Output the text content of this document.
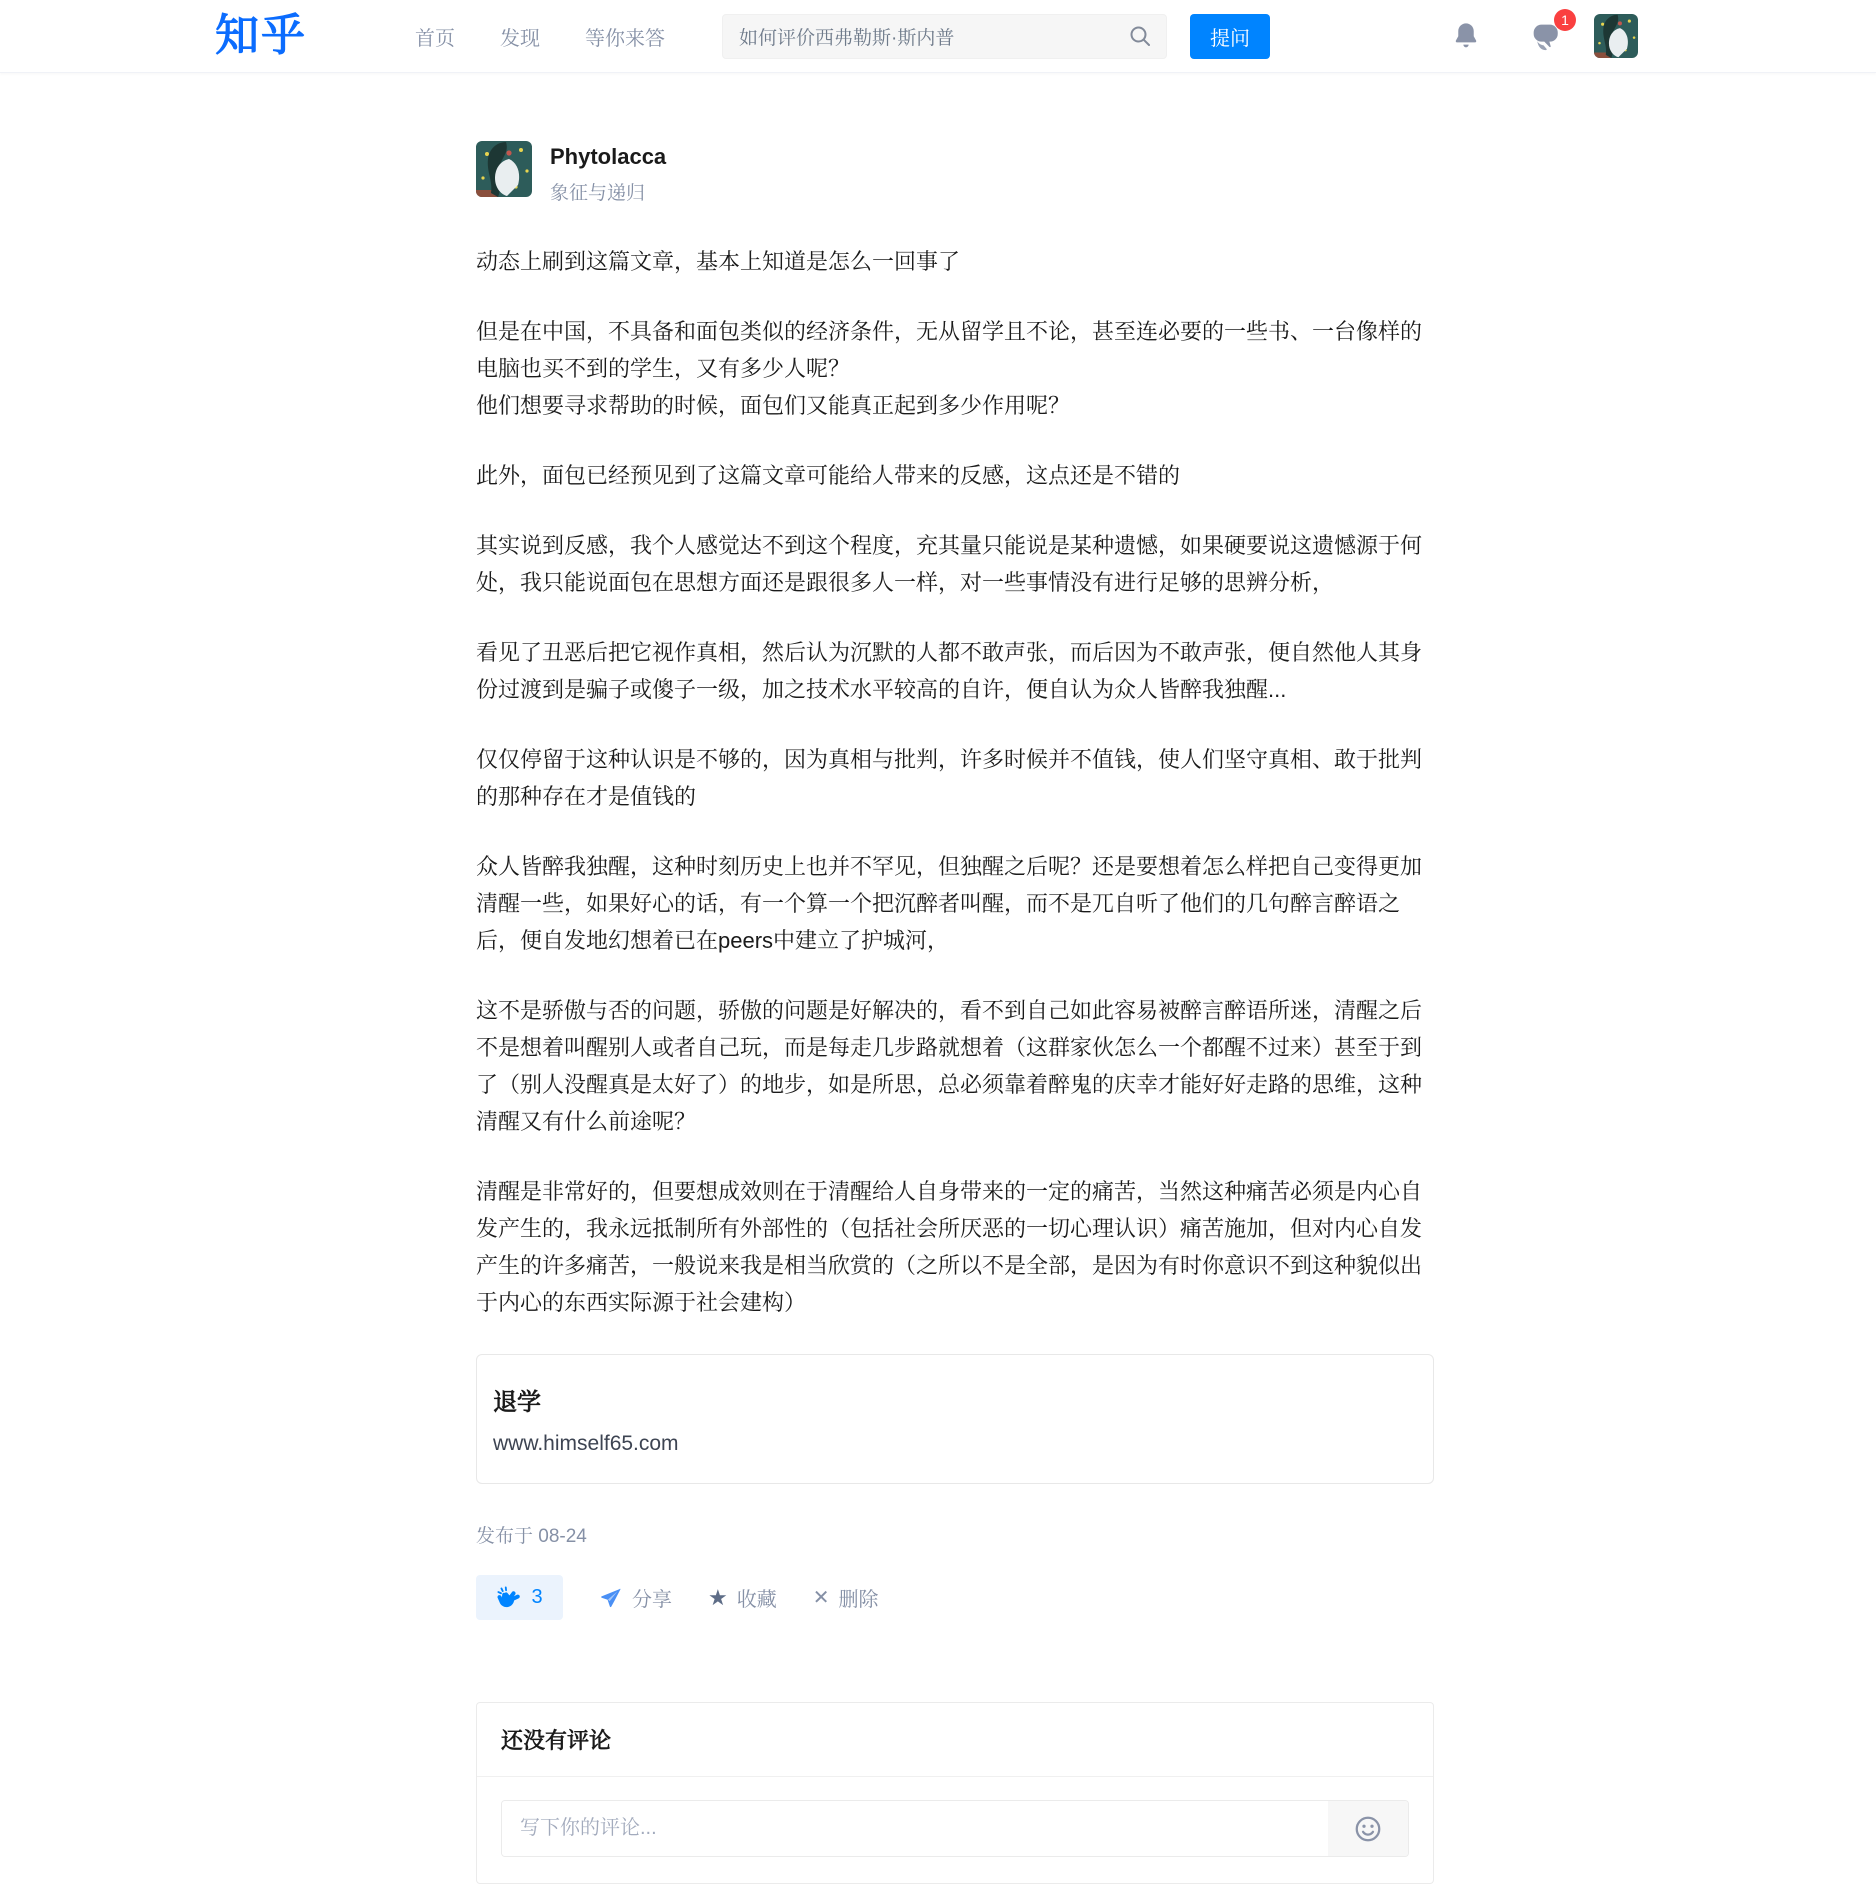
知乎	首页 发现 等你来答
如何评价西弗勒斯·斯内普	提问
1
Phytolacca
象征与递归

动态上刷到这篇文章，基本上知道是怎么一回事了

但是在中国，不具备和面包类似的经济条件，无从留学且不论，甚至连必要的一些书、一台像样的电脑也买不到的学生，又有多少人呢？
他们想要寻求帮助的时候，面包们又能真正起到多少作用呢？

此外，面包已经预见到了这篇文章可能给人带来的反感，这点还是不错的

其实说到反感，我个人感觉达不到这个程度，充其量只能说是某种遗憾，如果硬要说这遗憾源于何处，我只能说面包在思想方面还是跟很多人一样，对一些事情没有进行足够的思辨分析，

看见了丑恶后把它视作真相，然后认为沉默的人都不敢声张，而后因为不敢声张，便自然他人其身份过渡到是骗子或傻子一级，加之技术水平较高的自许，便自认为众人皆醉我独醒...

仅仅停留于这种认识是不够的，因为真相与批判，许多时候并不值钱，使人们坚守真相、敢于批判的那种存在才是值钱的

众人皆醉我独醒，这种时刻历史上也并不罕见，但独醒之后呢？还是要想着怎么样把自己变得更加清醒一些，如果好心的话，有一个算一个把沉醉者叫醒，而不是兀自听了他们的几句醉言醉语之后，便自发地幻想着已在peers中建立了护城河，

这不是骄傲与否的问题，骄傲的问题是好解决的，看不到自己如此容易被醉言醉语所迷，清醒之后不是想着叫醒别人或者自己玩，而是每走几步路就想着（这群家伙怎么一个都醒不过来）甚至于到了（别人没醒真是太好了）的地步，如是所思，总必须靠着醉鬼的庆幸才能好好走路的思维，这种清醒又有什么前途呢？

清醒是非常好的，但要想成效则在于清醒给人自身带来的一定的痛苦，当然这种痛苦必须是内心自发产生的，我永远抵制所有外部性的（包括社会所厌恶的一切心理认识）痛苦施加，但对内心自发产生的许多痛苦，一般说来我是相当欣赏的（之所以不是全部，是因为有时你意识不到这种貌似出于内心的东西实际源于社会建构）

退学
www.himself65.com
发布于 08-24
3	分享 ★ 收藏 ✕ 删除
还没有评论
写下你的评论...
